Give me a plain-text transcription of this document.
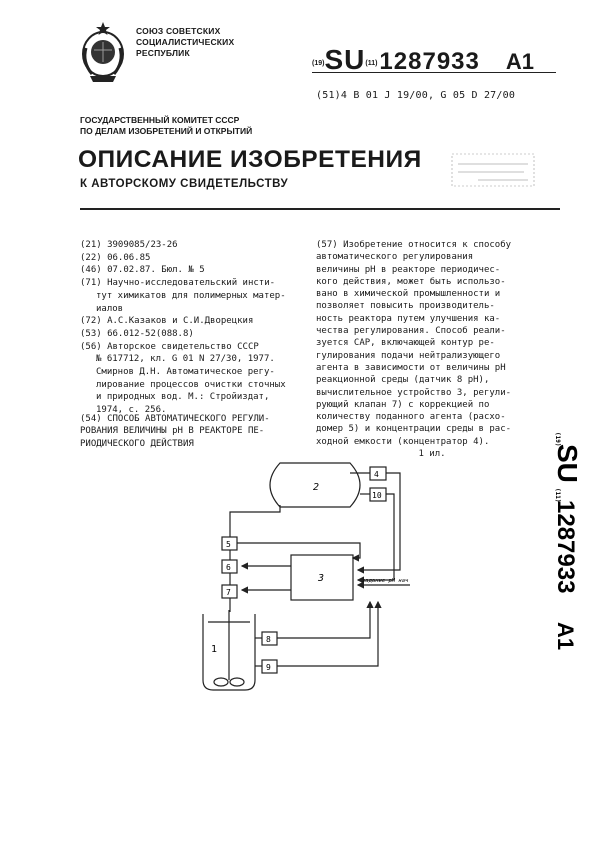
СОЮЗ СОВЕТСКИХ
СОЦИАЛИСТИЧЕСКИХ
РЕСПУБЛИК
$^{(19)}$SU$^{(11)}$1287933 A1
(51)4 B 01 J 19/00, G 05 D 27/00
ГОСУДАРСТВЕННЫЙ КОМИТЕТ СССР
ПО ДЕЛАМ ИЗОБРЕТЕНИЙ И ОТКРЫТИЙ
ОПИСАНИЕ ИЗОБРЕТЕНИЯ
К АВТОРСКОМУ СВИДЕТЕЛЬСТВУ
(21) 3909085/23-26
(22) 06.06.85
(46) 07.02.87. Бюл. № 5
(71) Научно-исследовательский инсти-
тут химикатов для полимерных матер-
иалов
(72) А.С.Казаков и С.И.Дворецкия
(53) 66.012-52(088.8)
(56) Авторское свидетельство СССР
№ 617712, кл. G 01 N 27/30, 1977.
Смирнов Д.Н. Автоматическое регу-
лирование процессов очистки сточных
и природных вод. М.: Стройиздат,
1974, с. 256.
(54) СПОСОБ АВТОМАТИЧЕСКОГО РЕГУЛИ-
РОВАНИЯ ВЕЛИЧИНЫ pH В РЕАКТОРЕ ПЕ-
РИОДИЧЕСКОГО ДЕЙСТВИЯ
(57) Изобретение относится к способу
автоматического регулирования
величины pH в реакторе периодичес-
кого действия, может быть использо-
вано в химической промышленности и
позволяет повысить производитель-
ность реактора путем улучшения ка-
чества регулирования. Способ реали-
зуется САР, включающей контур ре-
гулирования подачи нейтрализующего
агента в зависимости от величины pH
реакционной среды (датчик 8 pH),
вычислительное устройство 3, регули-
рующий клапан 7) с коррекцией по
количеству поданного агента (расхо-
домер 5) и концентрации среды в рас-
ходной емкости (концентратор 4).
1 ил.
(19)
SU
(11)
1287933
A1
2
1
3
4
10
5
6
7
8
9
задание pH нач
